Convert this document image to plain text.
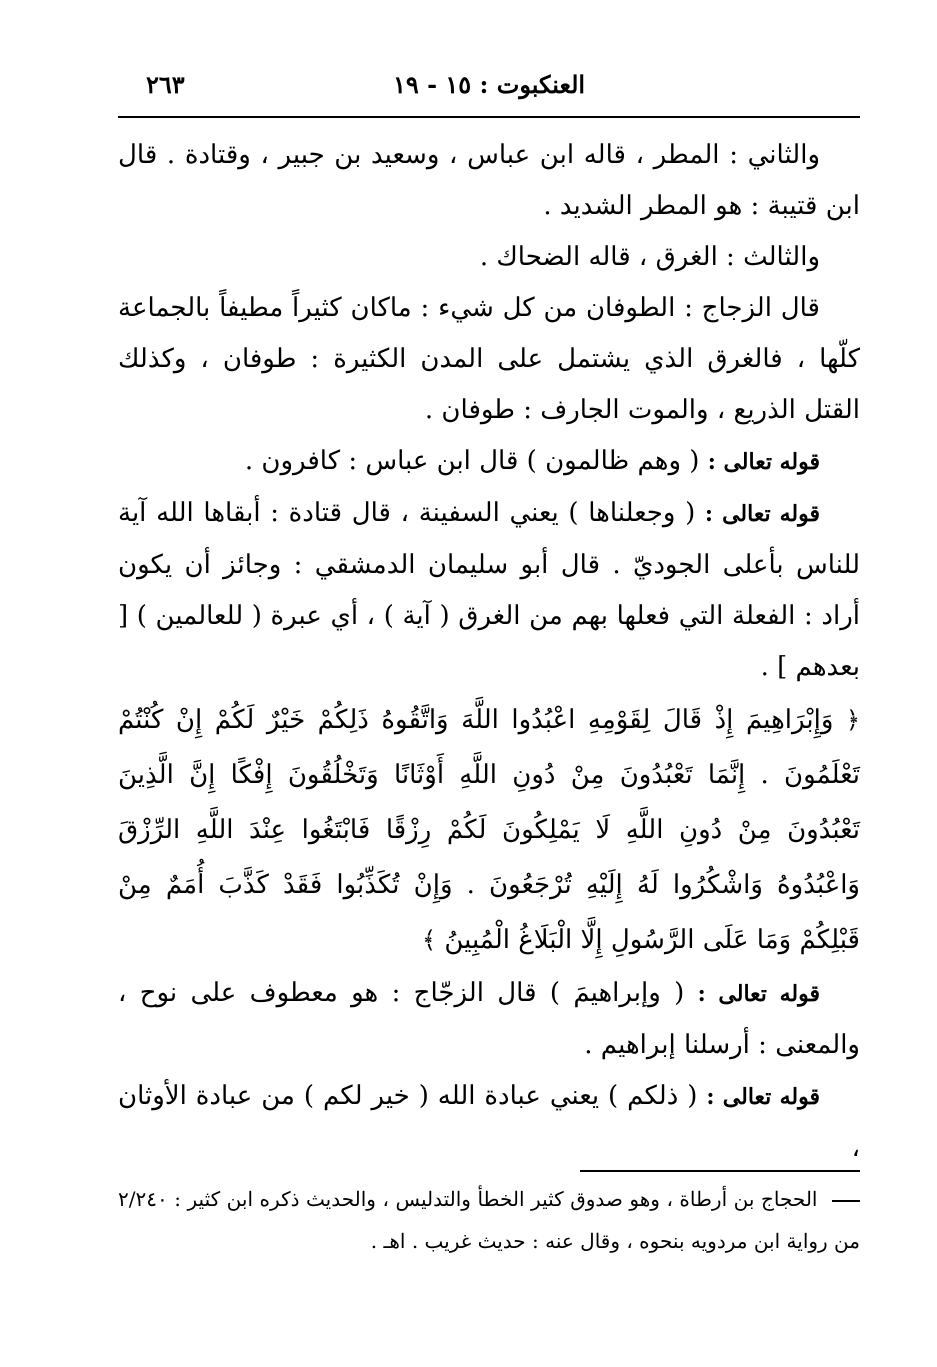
العنكبوت : ١٥ - ١٩
٢٦٣

والثاني : المطر ، قاله ابن عباس ، وسعيد بن جبير ، وقتادة . قال ابن قتيبة : هو المطر الشديد .

والثالث : الغرق ، قاله الضحاك .

قال الزجاج : الطوفان من كل شيء : ماكان كثيراً مطيفاً بالجماعة كلّها ، فالغرق الذي يشتمل على المدن الكثيرة : طوفان ، وكذلك القتل الذريع ، والموت الجارف : طوفان .

قوله تعالى : ( وهم ظالمون ) قال ابن عباس : كافرون .

قوله تعالى : ( وجعلناها ) يعني السفينة ، قال قتادة : أبقاها الله آية للناس بأعلى الجوديّ . قال أبو سليمان الدمشقي : وجائز أن يكون أراد : الفعلة التي فعلها بهم من الغرق ( آية ) ، أي عبرة ( للعالمين ) [ بعدهم ] .

﴿ وَإِبْرَاهِيمَ إِذْ قَالَ لِقَوْمِهِ اعْبُدُوا اللَّهَ وَاتَّقُوهُ ذَلِكُمْ خَيْرٌ لَكُمْ إِنْ كُنْتُمْ تَعْلَمُونَ . إِنَّمَا تَعْبُدُونَ مِنْ دُونِ اللَّهِ أَوْثَانًا وَتَخْلُقُونَ إِفْكًا إِنَّ الَّذِينَ تَعْبُدُونَ مِنْ دُونِ اللَّهِ لَا يَمْلِكُونَ لَكُمْ رِزْقًا فَابْتَغُوا عِنْدَ اللَّهِ الرِّزْقَ وَاعْبُدُوهُ وَاشْكُرُوا لَهُ إِلَيْهِ تُرْجَعُونَ . وَإِنْ تُكَذِّبُوا فَقَدْ كَذَّبَ أُمَمٌ مِنْ قَبْلِكُمْ وَمَا عَلَى الرَّسُولِ إِلَّا الْبَلَاغُ الْمُبِينُ ﴾

قوله تعالى : ( وإبراهيمَ ) قال الزجّاج : هو معطوف على نوح ، والمعنى : أرسلنا إبراهيم .

قوله تعالى : ( ذلكم ) يعني عبادة الله ( خير لكم ) من عبادة الأوثان ،

الحجاج بن أرطاة ، وهو صدوق كثير الخطأ والتدليس ، والحديث ذكره ابن كثير : ٢/٢٤٠ من رواية ابن مردويه بنحوه ، وقال عنه : حديث غريب . اهـ .
